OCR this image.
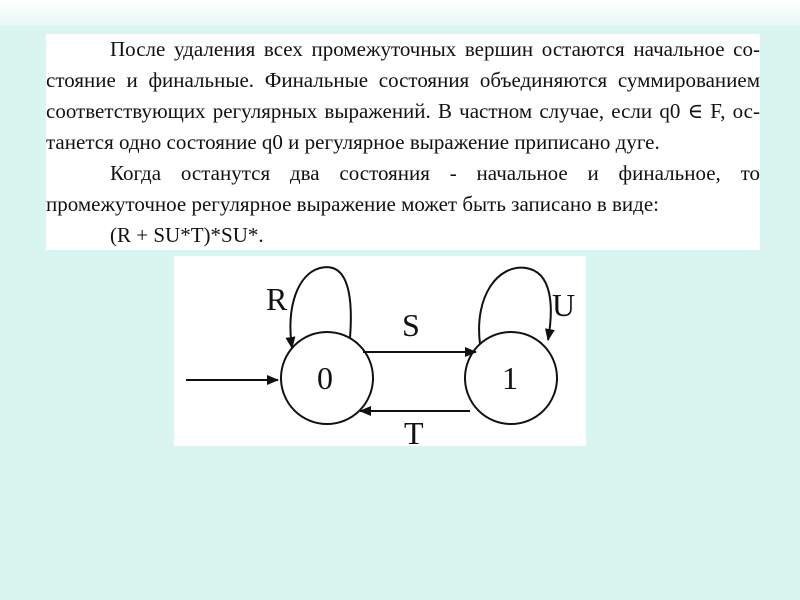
После удаления всех промежуточных вершин остаются начальное со-
стояние и финальные. Финальные состояния объединяются суммированием
соответствующих регулярных выражений. В частном случае, если q0 ∈ F, ос-
танется одно состояние q0 и регулярное выражение приписано дуге.
Когда останутся два состояния - начальное и финальное, то
промежуточное регулярное выражение может быть записано в виде:
(R + SU*T)*SU*.
0	1
R
S
T
U
